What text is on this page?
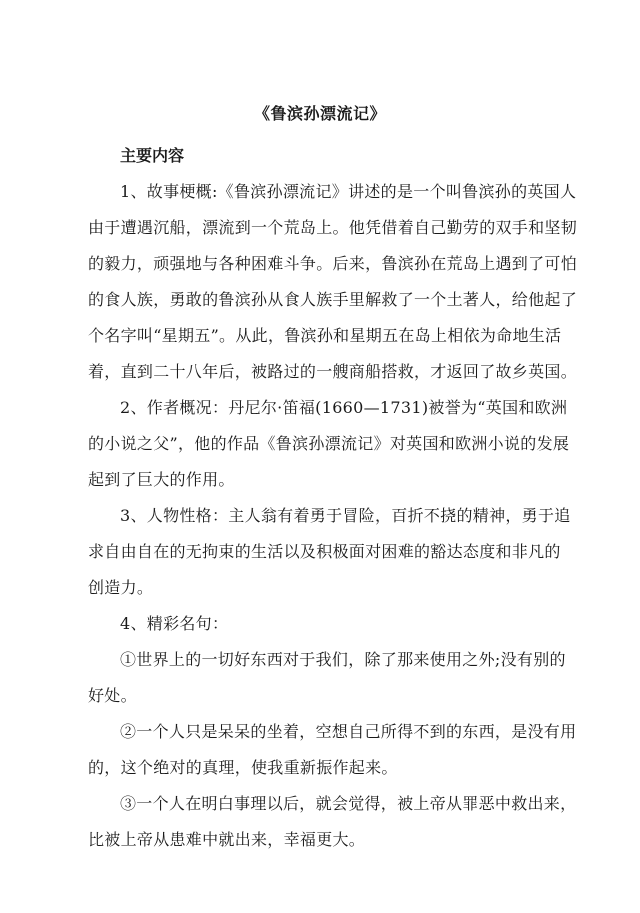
《鲁滨孙漂流记》
主要内容
1、故事梗概:《鲁滨孙漂流记》讲述的是一个叫鲁滨孙的英国人
由于遭遇沉船，漂流到一个荒岛上。他凭借着自己勤劳的双手和坚韧
的毅力，顽强地与各种困难斗争。后来，鲁滨孙在荒岛上遇到了可怕
的食人族，勇敢的鲁滨孙从食人族手里解救了一个土著人，给他起了
个名字叫“星期五”。从此，鲁滨孙和星期五在岛上相依为命地生活
着，直到二十八年后，被路过的一艘商船搭救，才返回了故乡英国。
2、作者概况：丹尼尔·笛福(1660—1731)被誉为“英国和欧洲
的小说之父”，他的作品《鲁滨孙漂流记》对英国和欧洲小说的发展
起到了巨大的作用。
3、人物性格：主人翁有着勇于冒险，百折不挠的精神，勇于追
求自由自在的无拘束的生活以及积极面对困难的豁达态度和非凡的
创造力。
4、精彩名句：
①世界上的一切好东西对于我们，除了那来使用之外;没有别的
好处。
②一个人只是呆呆的坐着，空想自己所得不到的东西，是没有用
的，这个绝对的真理，使我重新振作起来。
③一个人在明白事理以后，就会觉得，被上帝从罪恶中救出来，
比被上帝从患难中就出来，幸福更大。
